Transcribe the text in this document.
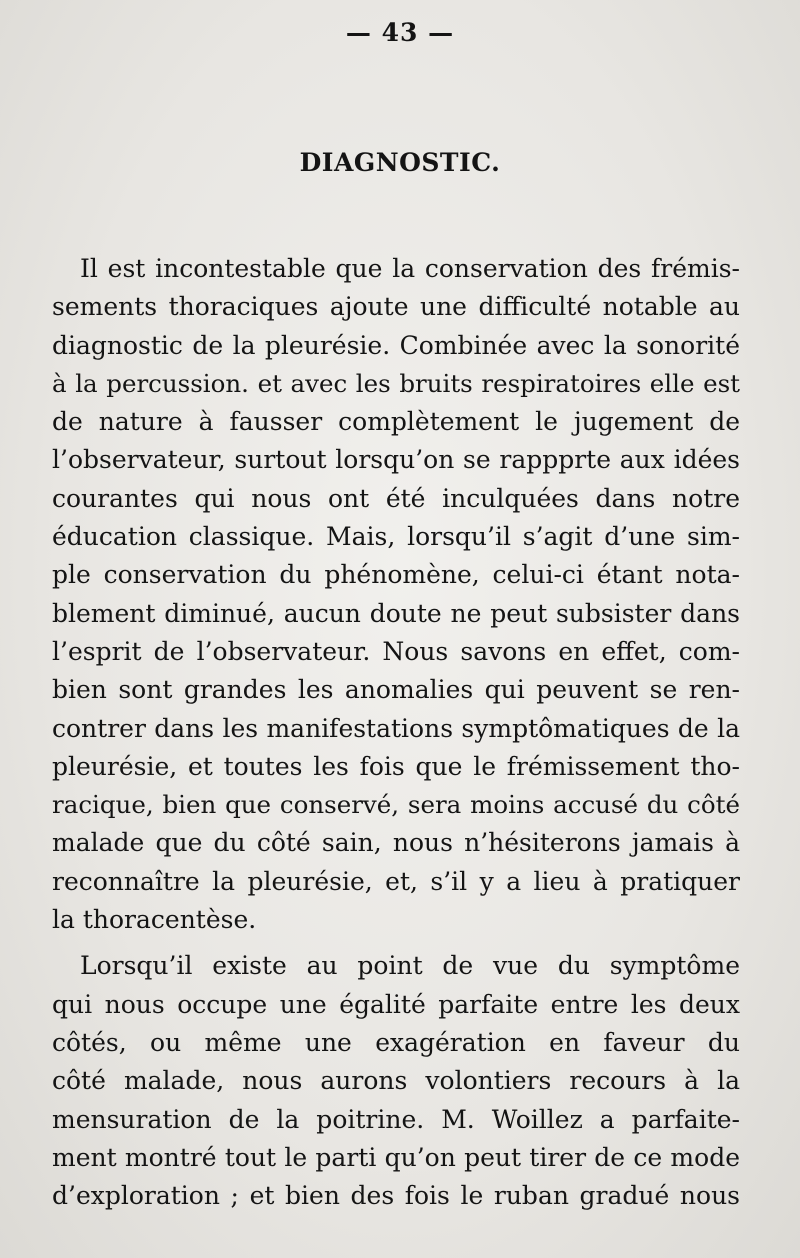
— 43 —
DIAGNOSTIC.
Il est incontestable que la conservation des frémis-
sements thoraciques ajoute une difficulté notable au
diagnostic de la pleurésie. Combinée avec la sonorité
à la percussion. et avec les bruits respiratoires elle est
de nature à fausser complètement le jugement de
l’observateur, surtout lorsqu’on se rappprte aux idées
courantes qui nous ont été inculquées dans notre
éducation classique. Mais, lorsqu’il s’agit d’une sim-
ple conservation du phénomène, celui-ci étant nota-
blement diminué, aucun doute ne peut subsister dans
l’esprit de l’observateur. Nous savons en effet, com-
bien sont grandes les anomalies qui peuvent se ren-
contrer dans les manifestations symptômatiques de la
pleurésie, et toutes les fois que le frémissement tho-
racique, bien que conservé, sera moins accusé du côté
malade que du côté sain, nous n’hésiterons jamais à
reconnaître la pleurésie, et, s’il y a lieu à pratiquer
la thoracentèse.
Lorsqu’il existe au point de vue du symptôme
qui nous occupe une égalité parfaite entre les deux
côtés, ou même une exagération en faveur du
côté malade, nous aurons volontiers recours à la
mensuration de la poitrine. M. Woillez a parfaite-
ment montré tout le parti qu’on peut tirer de ce mode
d’exploration ; et bien des fois le ruban gradué nous
